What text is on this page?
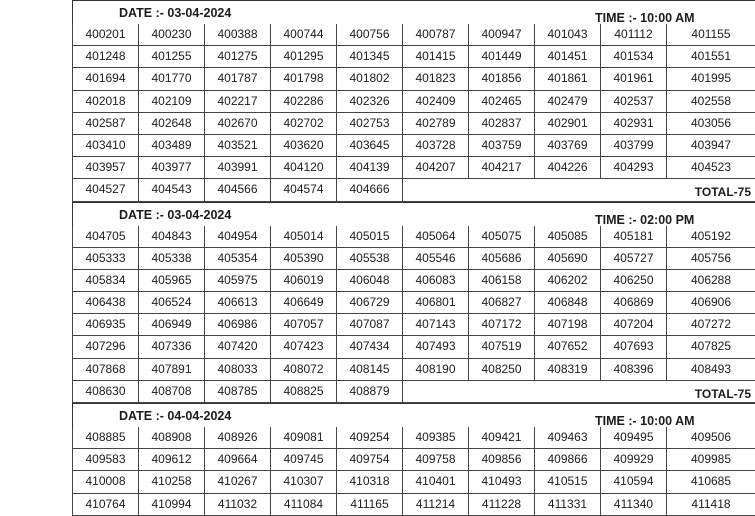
DATE :- 03-04-2024	TIME :- 10:00 AM
400201	400230	400388	400744	400756	400787	400947	401043	401112	401155
401248	401255	401275	401295	401345	401415	401449	401451	401534	401551
401694	401770	401787	401798	401802	401823	401856	401861	401961	401995
402018	402109	402217	402286	402326	402409	402465	402479	402537	402558
402587	402648	402670	402702	402753	402789	402837	402901	402931	403056
403410	403489	403521	403620	403645	403728	403759	403769	403799	403947
403957	403977	403991	404120	404139	404207	404217	404226	404293	404523
404527	404543	404566	404574	404666	TOTAL-75
DATE :- 03-04-2024	TIME :- 02:00 PM
404705	404843	404954	405014	405015	405064	405075	405085	405181	405192
405333	405338	405354	405390	405538	405546	405686	405690	405727	405756
405834	405965	405975	406019	406048	406083	406158	406202	406250	406288
406438	406524	406613	406649	406729	406801	406827	406848	406869	406906
406935	406949	406986	407057	407087	407143	407172	407198	407204	407272
407296	407336	407420	407423	407434	407493	407519	407652	407693	407825
407868	407891	408033	408072	408145	408190	408250	408319	408396	408493
408630	408708	408785	408825	408879	TOTAL-75
DATE :- 04-04-2024	TIME :- 10:00 AM
408885	408908	408926	409081	409254	409385	409421	409463	409495	409506
409583	409612	409664	409745	409754	409758	409856	409866	409929	409985
410008	410258	410267	410307	410318	410401	410493	410515	410594	410685
410764	410994	411032	411084	411165	411214	411228	411331	411340	411418
